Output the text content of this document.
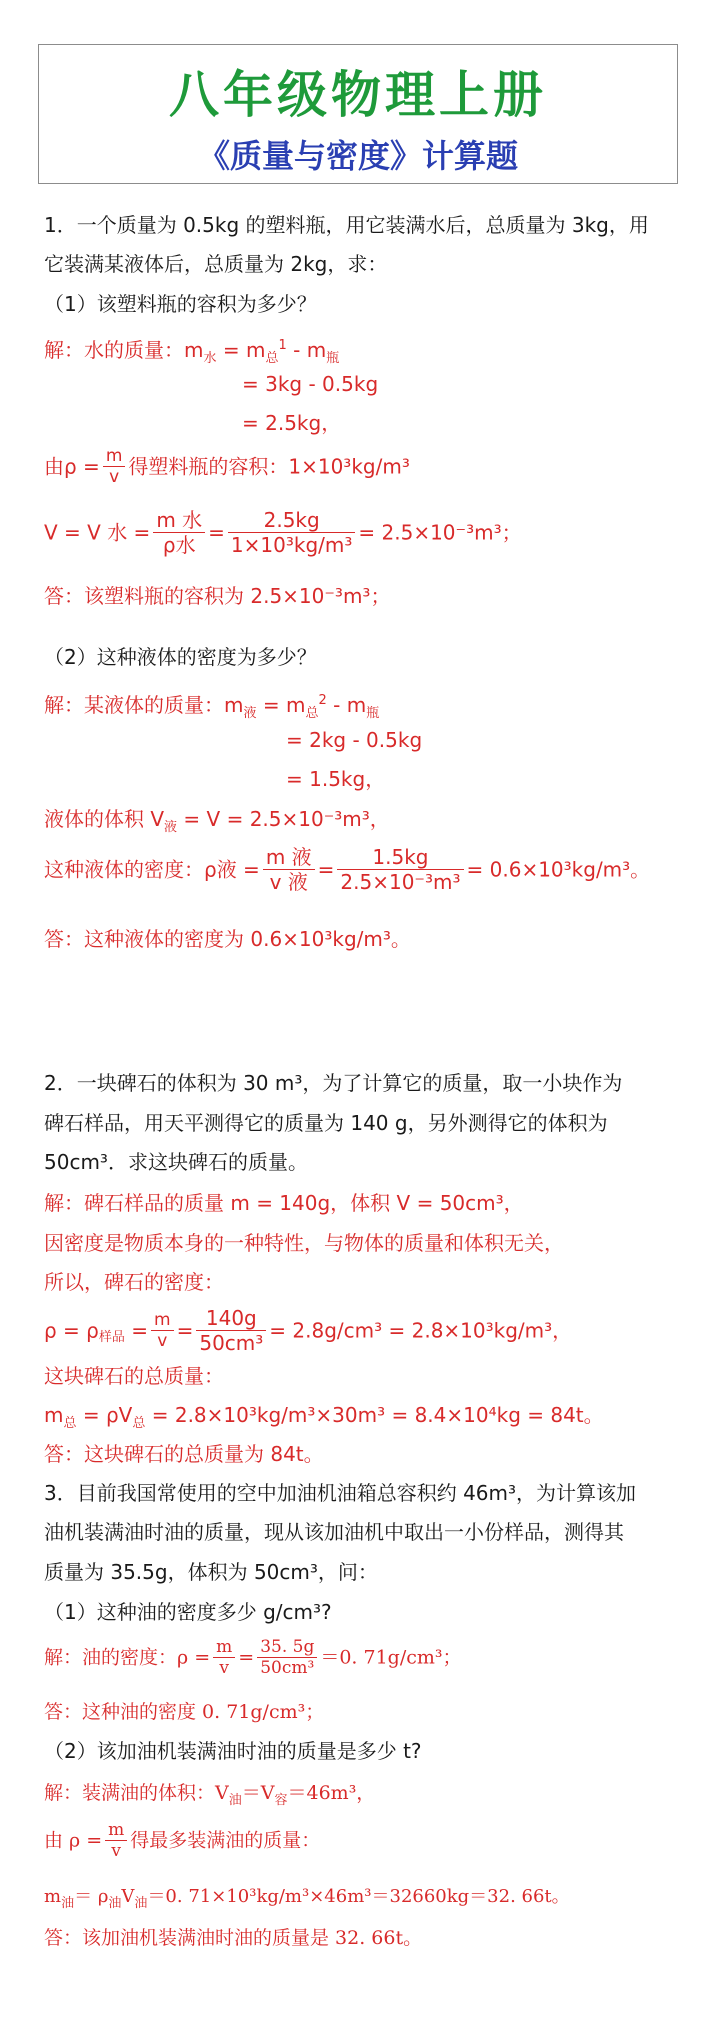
八年级物理上册
《质量与密度》计算题
1．一个质量为 0.5kg 的塑料瓶，用它装满水后，总质量为 3kg，用
它装满某液体后，总质量为 2kg，求：
（1）该塑料瓶的容积为多少？
解：水的质量：$m_水 = m_总^1 - m_瓶$
= 3kg - 0.5kg
= 2.5kg，
由$\rho = \frac{m}{v}$ 得塑料瓶的容积：1×10³kg/m³
V = V 水 = $\frac{\text{m 水}}{\text{ρ水}} = \frac{2.5kg}{\text{1×10³kg/m³}} = 2.5\times 10^{-3}m^3$；
答：该塑料瓶的容积为 2.5×10⁻³m³；
（2）这种液体的密度为多少？
解：某液体的质量：$m_液 = m_总^2 - m_瓶$
= 2kg - 0.5kg
= 1.5kg，
液体的体积 $V_液 = V = 2.5\times 10^{-3}m^3$，
这种液体的密度：ρ液 = $\frac{\text{m 液}}{\text{v 液}} = \frac{1.5kg}{\text{2.5×10⁻³m³}} = 0.6\times 10^3kg/m^3$。
答：这种液体的密度为 0.6×10³kg/m³。
2．一块碑石的体积为 30 m³，为了计算它的质量，取一小块作为
碑石样品，用天平测得它的质量为 140 g，另外测得它的体积为
50cm³．求这块碑石的质量。
解：碑石样品的质量 m = 140g，体积 V = 50cm³，
因密度是物质本身的一种特性，与物体的质量和体积无关，
所以，碑石的密度：
$\rho = \rho_{样品} = \frac{m}{v} = \frac{140g}{\text{50cm³}} = 2.8g/cm^3 = 2.8\times 10^3kg/m^3$，
这块碑石的总质量：
$m_总 = \rho V_总 = 2.8\times 10^3kg/m^3\times 30m^3 = 8.4\times 10^4kg = 84t$。
答：这块碑石的总质量为 84t。
3．目前我国常使用的空中加油机油箱总容积约 46m³，为计算该加
油机装满油时油的质量，现从该加油机中取出一小份样品，测得其
质量为 35.5g，体积为 50cm³，问：
（1）这种油的密度多少 g/cm³?
解：油的密度：$\rho = \frac{m}{v} = \frac{35. 5g}{\text{50cm³}} =0$. 71g/cm³；
答：这种油的密度 0. 71g/cm³；
（2）该加油机装满油时油的质量是多少 t?
解：装满油的体积：$V_油=V_容=46m^3$，
由 $\rho = \frac{m}{v}$ 得最多装满油的质量：
$m_油= \rho_油V_油=0$. 71×10³kg/m³×46m³＝32660kg＝32. 66t。
答：该加油机装满油时油的质量是 32. 66t。
